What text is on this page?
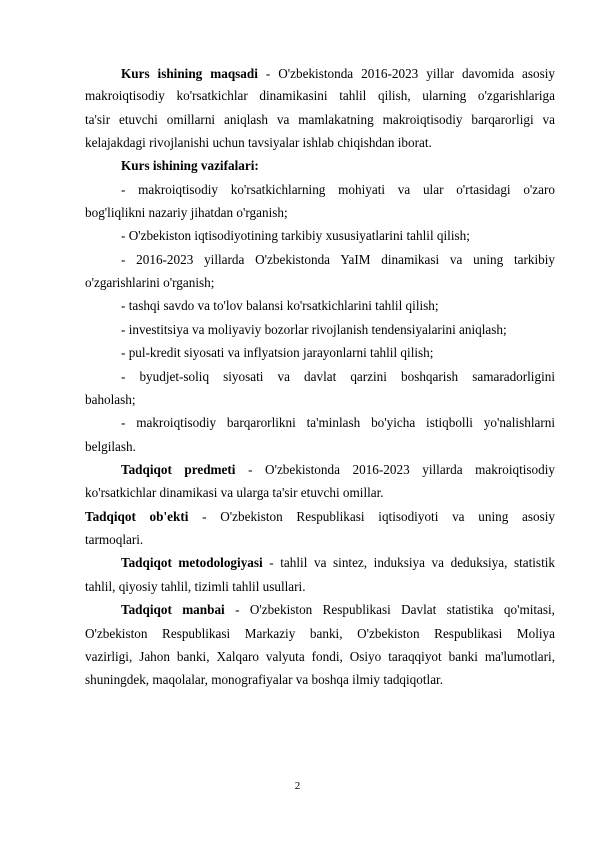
Kurs ishining maqsadi - O'zbekistonda 2016-2023 yillar davomida asosiy
makroiqtisodiy ko'rsatkichlar dinamikasini tahlil qilish, ularning o'zgarishlariga
ta'sir etuvchi omillarni aniqlash va mamlakatning makroiqtisodiy barqarorligi va
kelajakdagi rivojlanishi uchun tavsiyalar ishlab chiqishdan iborat.
Kurs ishining vazifalari:
- makroiqtisodiy ko'rsatkichlarning mohiyati va ular o'rtasidagi o'zaro
bog'liqlikni nazariy jihatdan o'rganish;
- O'zbekiston iqtisodiyotining tarkibiy xususiyatlarini tahlil qilish;
- 2016-2023 yillarda O'zbekistonda YaIM dinamikasi va uning tarkibiy
o'zgarishlarini o'rganish;
- tashqi savdo va to'lov balansi ko'rsatkichlarini tahlil qilish;
- investitsiya va moliyaviy bozorlar rivojlanish tendensiyalarini aniqlash;
- pul-kredit siyosati va inflyatsion jarayonlarni tahlil qilish;
- byudjet-soliq siyosati va davlat qarzini boshqarish samaradorligini
baholash;
- makroiqtisodiy barqarorlikni ta'minlash bo'yicha istiqbolli yo'nalishlarni
belgilash.
Tadqiqot predmeti - O'zbekistonda 2016-2023 yillarda makroiqtisodiy
ko'rsatkichlar dinamikasi va ularga ta'sir etuvchi omillar.
Tadqiqot ob'ekti - O'zbekiston Respublikasi iqtisodiyoti va uning asosiy
tarmoqlari.
Tadqiqot metodologiyasi - tahlil va sintez, induksiya va deduksiya, statistik
tahlil, qiyosiy tahlil, tizimli tahlil usullari.
Tadqiqot manbai - O'zbekiston Respublikasi Davlat statistika qo'mitasi,
O'zbekiston Respublikasi Markaziy banki, O'zbekiston Respublikasi Moliya
vazirligi, Jahon banki, Xalqaro valyuta fondi, Osiyo taraqqiyot banki ma'lumotlari,
shuningdek, maqolalar, monografiyalar va boshqa ilmiy tadqiqotlar.
2
